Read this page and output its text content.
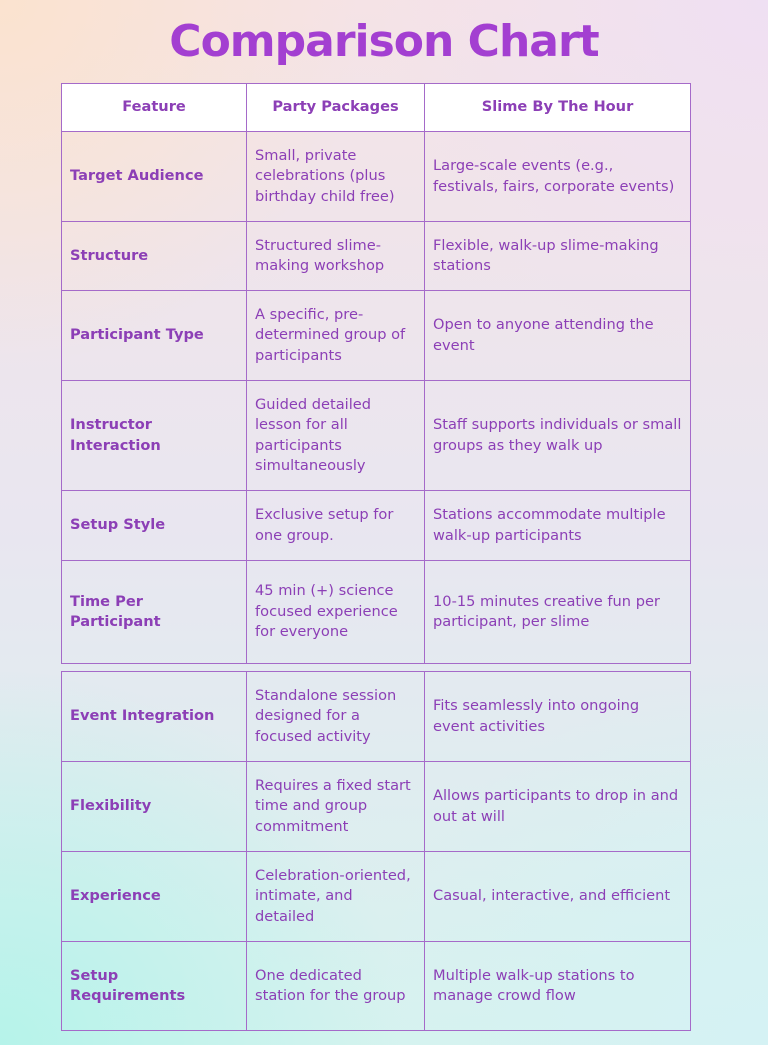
Comparison Chart
Feature	Party Packages	Slime By The Hour
Target Audience	Small, private celebrations (plus birthday child free)	Large-scale events (e.g., festivals, fairs, corporate events)
Structure	Structured slime-making workshop	Flexible, walk-up slime-making stations
Participant Type	A specific, pre-determined group of participants	Open to anyone attending the event
Instructor Interaction	Guided detailed lesson for all participants simultaneously	Staff supports individuals or small groups as they walk up
Setup Style	Exclusive setup for one group.	Stations accommodate multiple walk-up participants
Time Per Participant	45 min (+) science focused experience for everyone	10-15 minutes creative fun per participant, per slime
Event Integration	Standalone session designed for a focused activity	Fits seamlessly into ongoing event activities
Flexibility	Requires a fixed start time and group commitment	Allows participants to drop in and out at will
Experience	Celebration-oriented, intimate, and detailed	Casual, interactive, and efficient
Setup Requirements	One dedicated station for the group	Multiple walk-up stations to manage crowd flow
